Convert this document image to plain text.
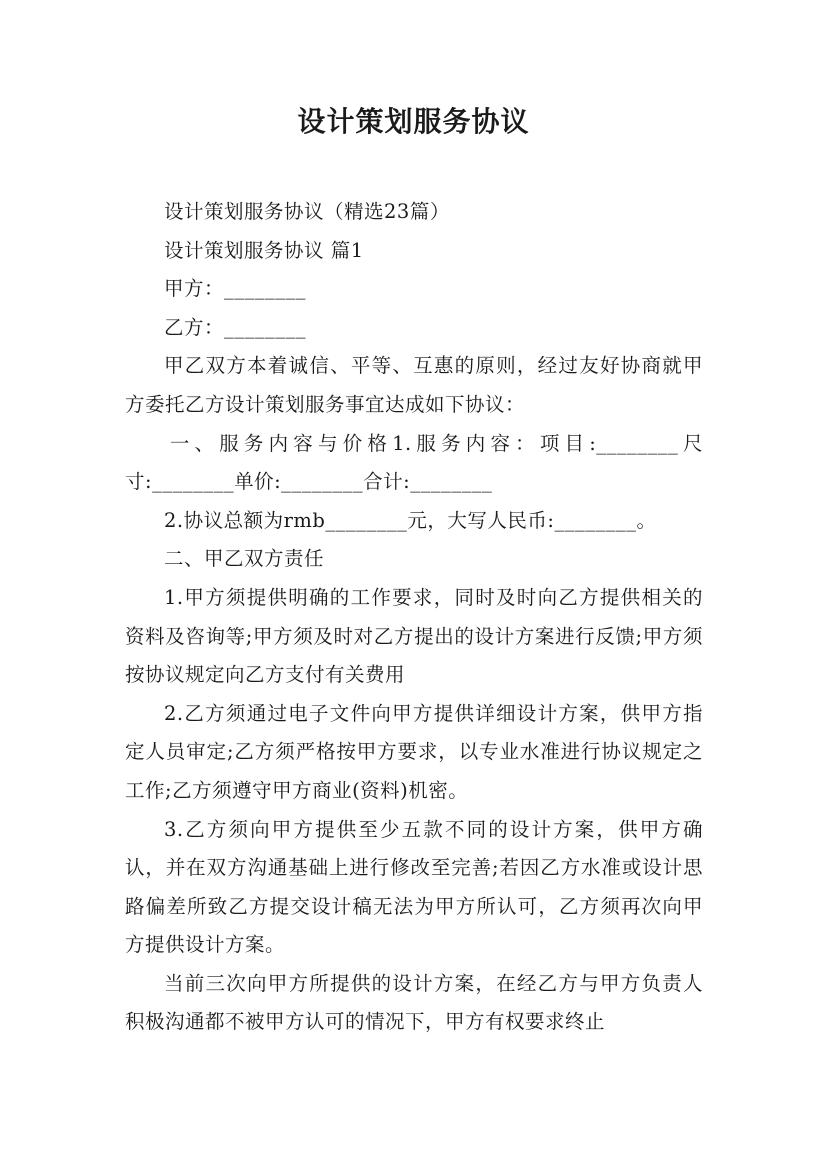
设计策划服务协议

设计策划服务协议（精选23篇）

设计策划服务协议 篇1

甲方：________

乙方：________

甲乙双方本着诚信、平等、互惠的原则，经过友好协商就甲方委托乙方设计策划服务事宜达成如下协议：

一、服务内容与价格1.服务内容：项目:________尺寸:________单价:________合计:________

2.协议总额为rmb________元，大写人民币:________。

二、甲乙双方责任

1.甲方须提供明确的工作要求，同时及时向乙方提供相关的资料及咨询等;甲方须及时对乙方提出的设计方案进行反馈;甲方须按协议规定向乙方支付有关费用

2.乙方须通过电子文件向甲方提供详细设计方案，供甲方指定人员审定;乙方须严格按甲方要求，以专业水准进行协议规定之工作;乙方须遵守甲方商业(资料)机密。

3.乙方须向甲方提供至少五款不同的设计方案，供甲方确认，并在双方沟通基础上进行修改至完善;若因乙方水准或设计思路偏差所致乙方提交设计稿无法为甲方所认可，乙方须再次向甲方提供设计方案。

当前三次向甲方所提供的设计方案，在经乙方与甲方负责人积极沟通都不被甲方认可的情况下，甲方有权要求终止
